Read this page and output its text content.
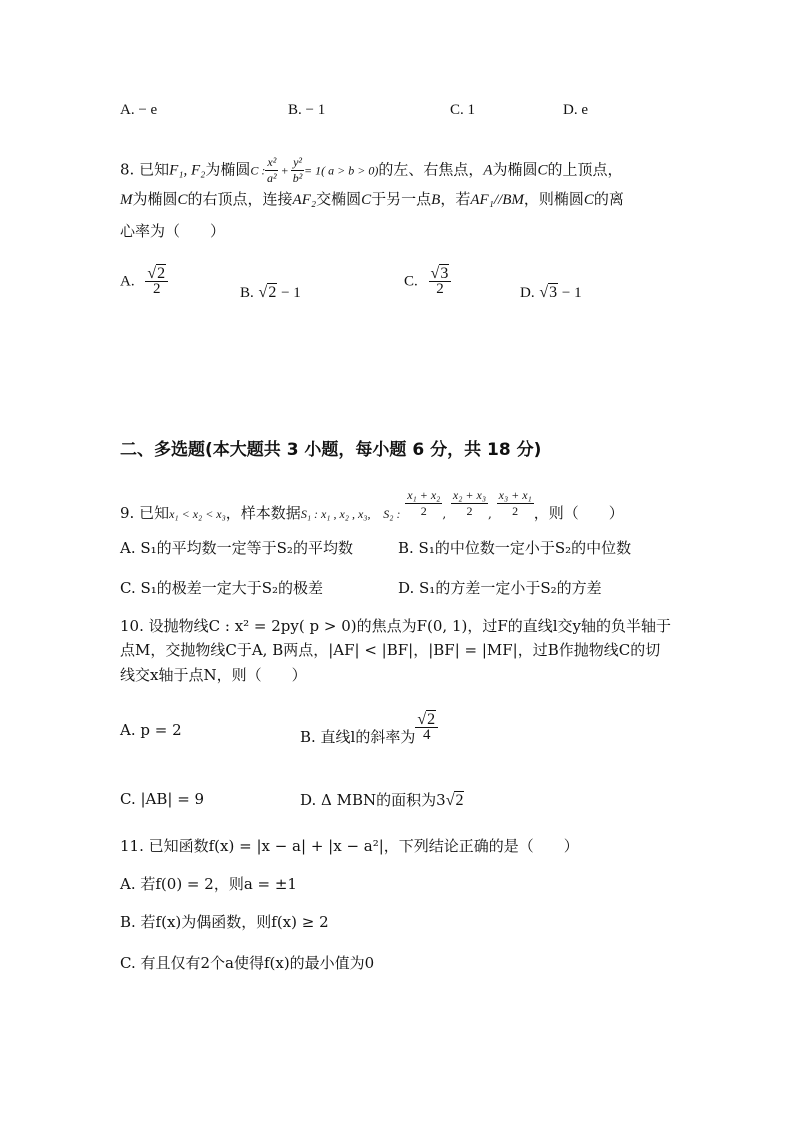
A. − e	B. − 1	C. 1	D. e
8. 已知F₁, F₂为椭圆C : $\frac{\text{x²}}{\text{a²}} + \frac{\text{y²}}{\text{b²}} = 1$( a > b > 0)的左、右焦点，A为椭圆C的上顶点，
M为椭圆C的右顶点，连接AF₂交椭圆C于另一点B，若AF₁//BM，则椭圆C的离
心率为（　　）
A. $\frac{√2}{2}$	B. √2 − 1
C. $\frac{√3}{2}$	D. √3 − 1
二、多选题(本大题共 3 小题，每小题 6 分，共 18 分)
9. 已知$_{x_1 < x_2 < x_3}$，样本数据$_{S_1 : x_1 , x_2 , x_3,}$ $_{S_2 :} \frac{\text{x₁ + x₂}}{2} _, \frac{\text{x₂ + x₃}}{2} _, \frac{\text{x₃ + x₁}}{2}$ ，则（　　）
A. S₁的平均数一定等于S₂的平均数	B. S₁的中位数一定小于S₂的中位数
C. S₁的极差一定大于S₂的极差	D. S₁的方差一定小于S₂的方差
10. 设抛物线C : x² = 2py( p > 0)的焦点为F(0, 1)，过F的直线l交y轴的负半轴于
点M，交抛物线C于A, B两点，|AF| < |BF|，|BF| = |MF|，过B作抛物线C的切
线交x轴于点N，则（　　）
A. p = 2	B. 直线l的斜率为 $\frac{√2}{4}$
C. |AB| = 9	D. Δ MBN的面积为3√2
11. 已知函数f(x) = |x − a| + |x − a²|，下列结论正确的是（　　）
A. 若f(0) = 2，则a = ±1
B. 若f(x)为偶函数，则f(x) ≥ 2
C. 有且仅有2个a使得f(x)的最小值为0
